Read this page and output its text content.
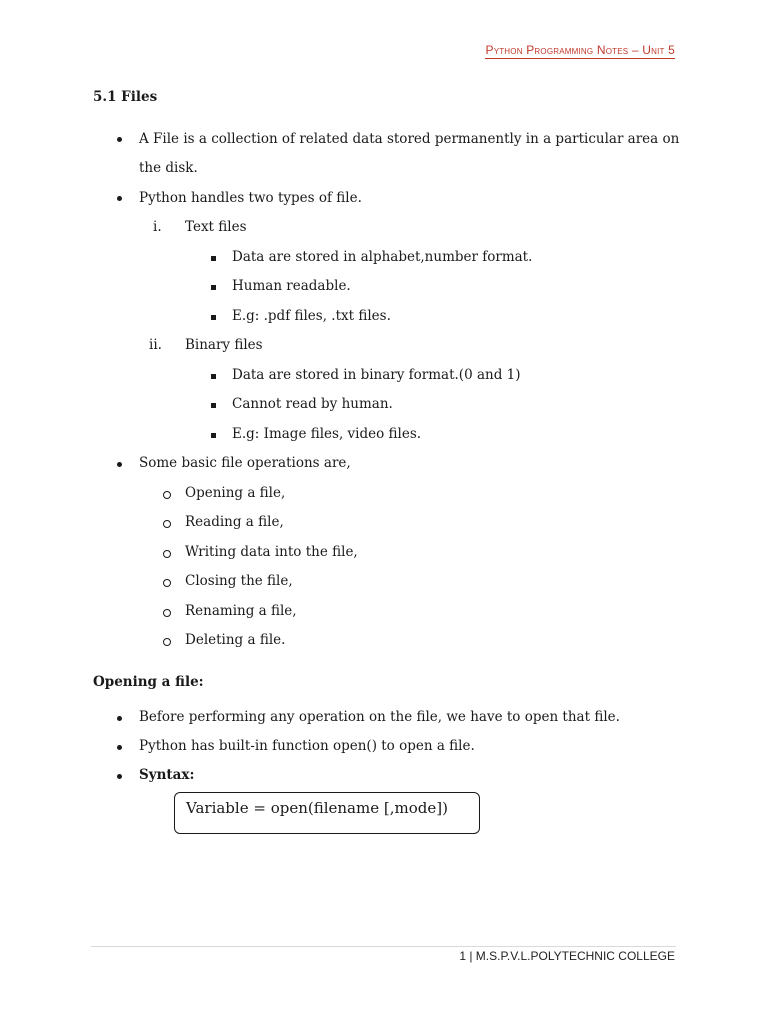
Python Programming Notes – Unit 5
5.1 Files
A File is a collection of related data stored permanently in a particular area on
the disk.
Python handles two types of file.
i. Text files
Data are stored in alphabet,number format.
Human readable.
E.g: .pdf files, .txt files.
ii. Binary files
Data are stored in binary format.(0 and 1)
Cannot read by human.
E.g: Image files, video files.
Some basic file operations are,
Opening a file,
Reading a file,
Writing data into the file,
Closing the file,
Renaming a file,
Deleting a file.
Opening a file:
Before performing any operation on the file, we have to open that file.
Python has built-in function open() to open a file.
Syntax:
Variable = open(filename [,mode])
1 | M.S.P.V.L.POLYTECHNIC COLLEGE
